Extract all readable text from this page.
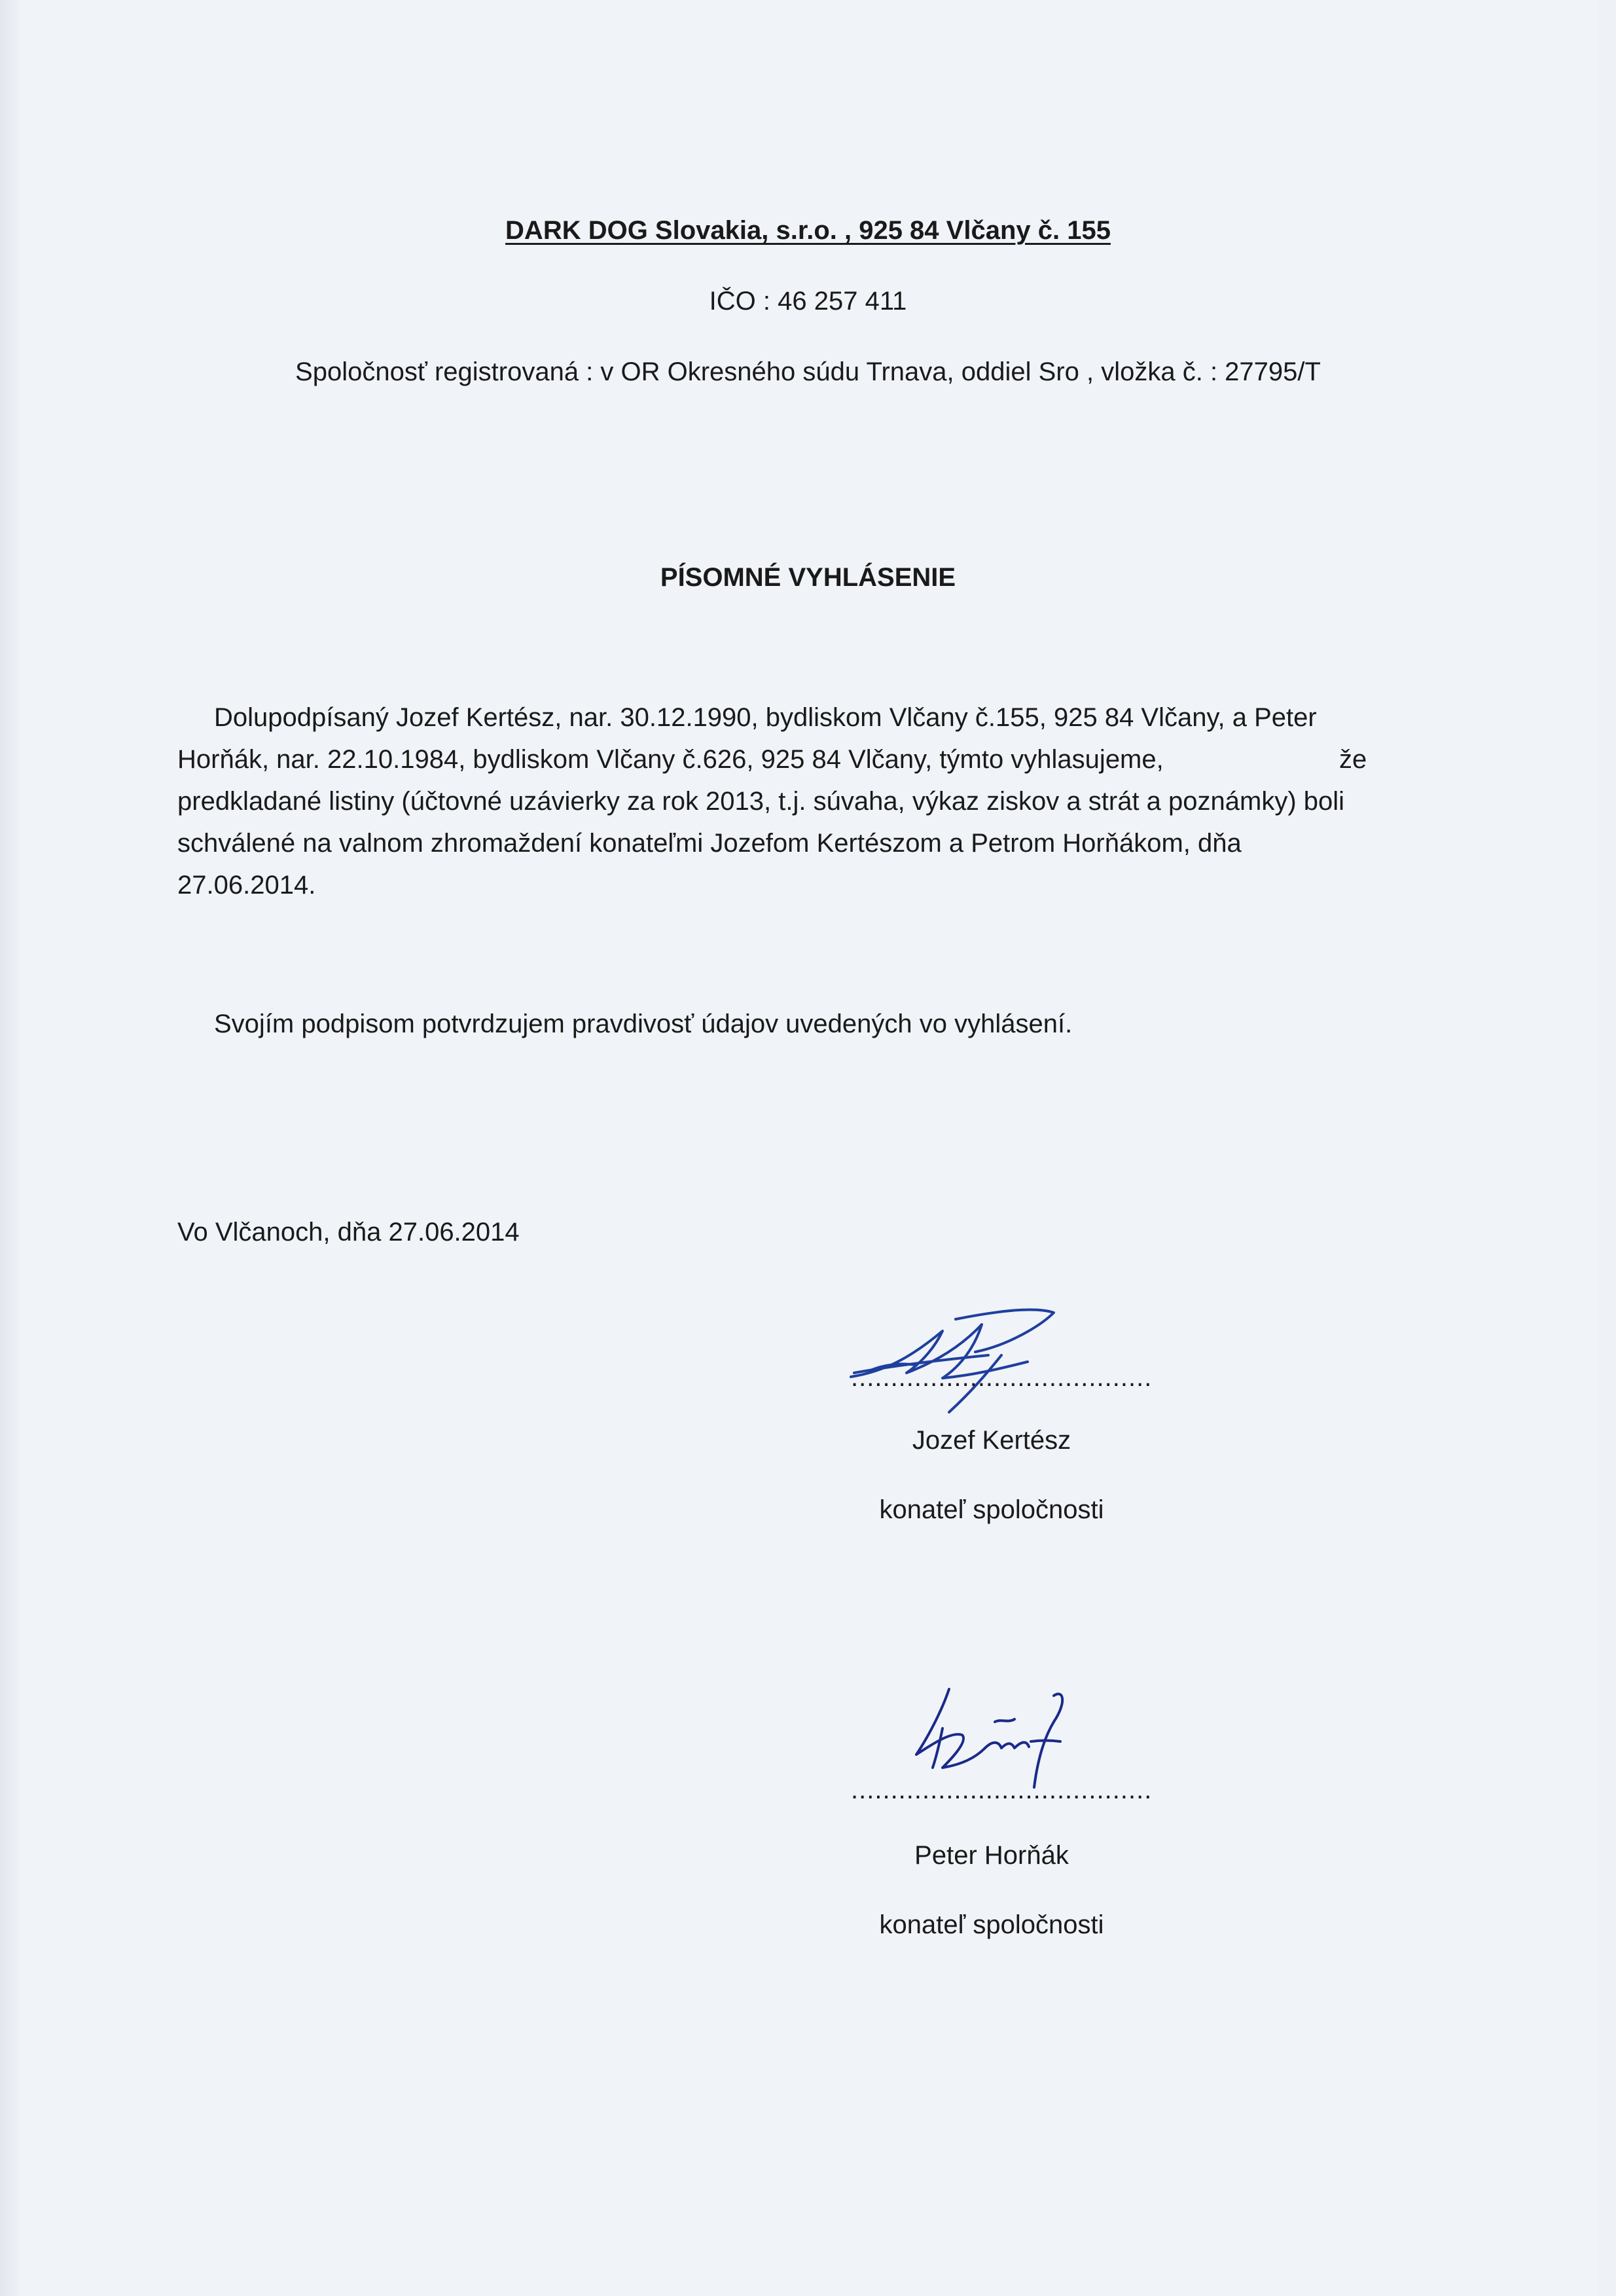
DARK DOG Slovakia, s.r.o. , 925 84 Vlčany č. 155
IČO : 46 257 411
Spoločnosť registrovaná : v OR Okresného súdu Trnava, oddiel Sro , vložka č. : 27795/T
PÍSOMNÉ VYHLÁSENIE
Dolupodpísaný Jozef Kertész, nar. 30.12.1990, bydliskom Vlčany č.155, 925 84 Vlčany, a Peter
Horňák, nar. 22.10.1984, bydliskom Vlčany č.626, 925 84 Vlčany, týmto vyhlasujeme,	že
predkladané listiny (účtovné uzávierky za rok 2013, t.j. súvaha, výkaz ziskov a strát a poznámky) boli
schválené na valnom zhromaždení konateľmi Jozefom Kertészom a Petrom Horňákom, dňa
27.06.2014.
Svojím podpisom potvrdzujem pravdivosť údajov uvedených vo vyhlásení.
Vo Vlčanoch, dňa 27.06.2014
......................................
Jozef Kertész
konateľ spoločnosti
......................................
Peter Horňák
konateľ spoločnosti
